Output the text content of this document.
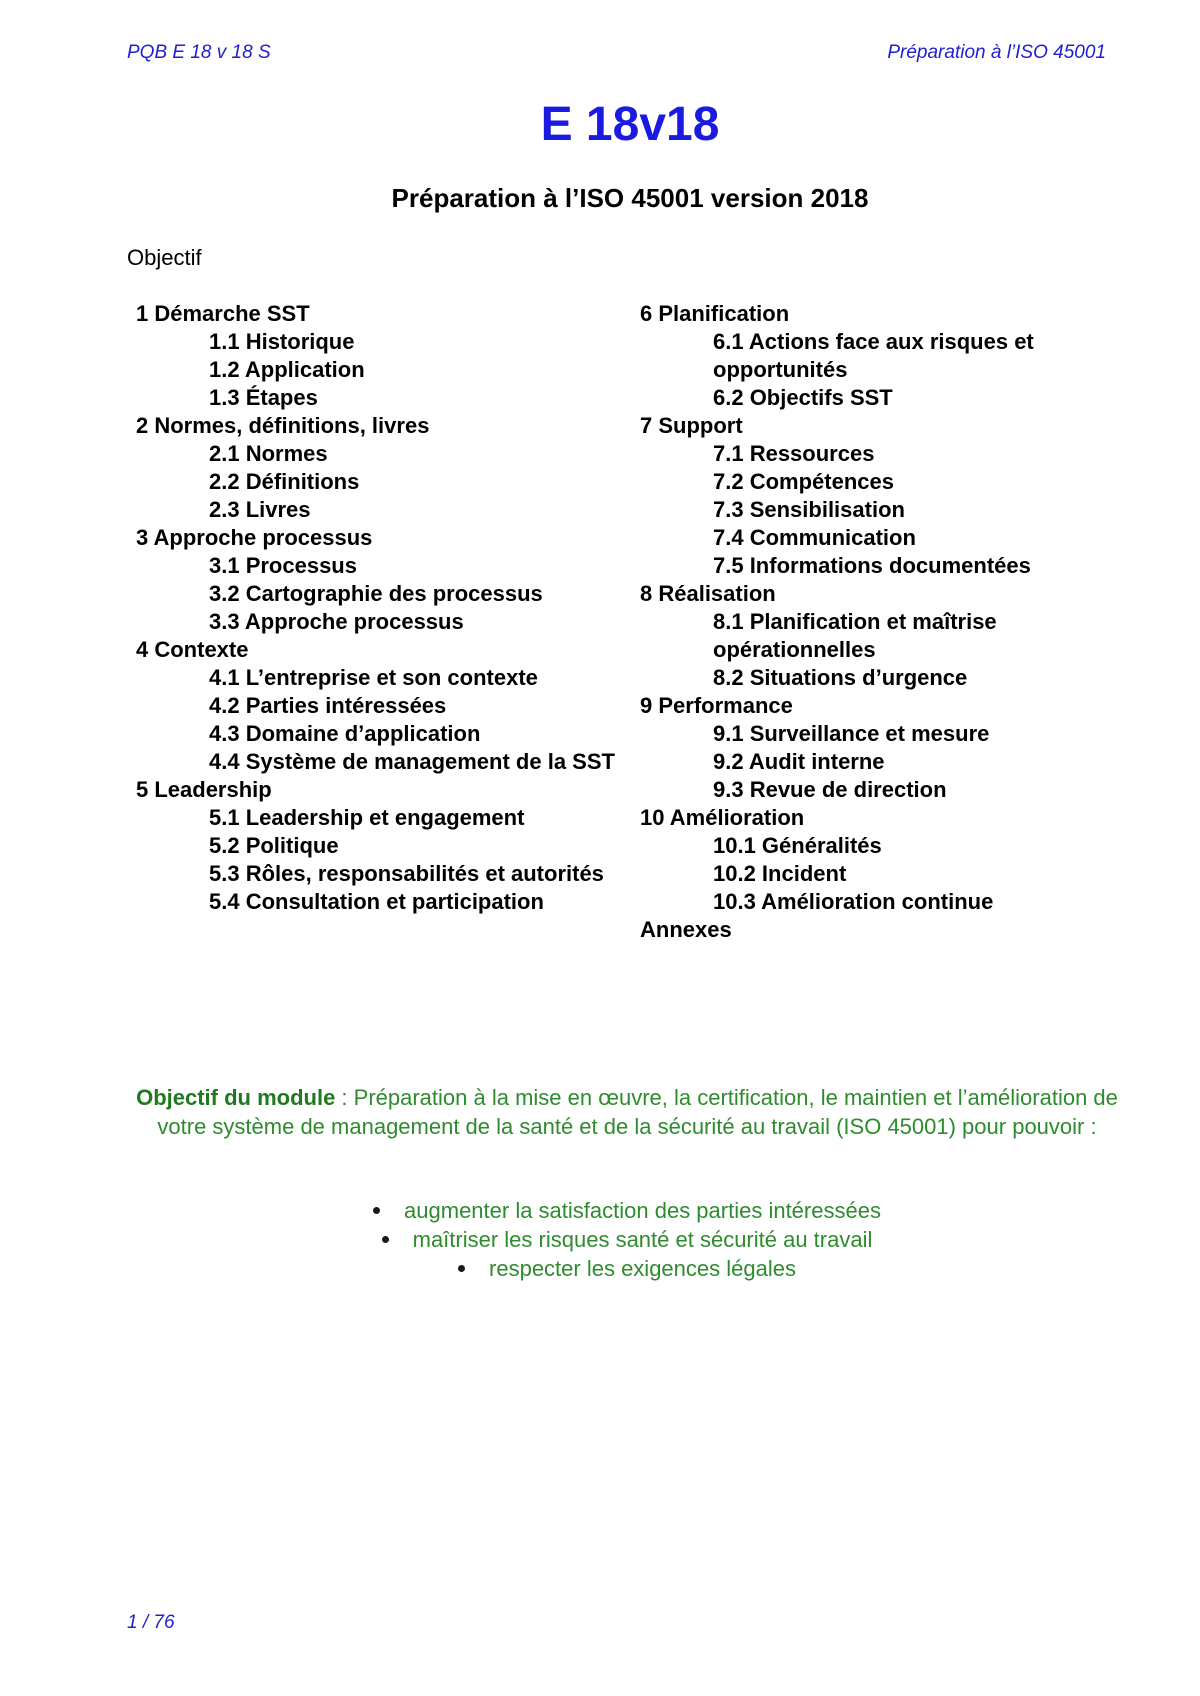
PQB E 18 v 18 S	Préparation à l’ISO 45001
E 18v18
Préparation à l’ISO 45001 version 2018
Objectif
1 Démarche SST
1.1 Historique
1.2 Application
1.3 Étapes
2 Normes, définitions, livres
2.1 Normes
2.2 Définitions
2.3 Livres
3 Approche processus
3.1 Processus
3.2 Cartographie des processus
3.3 Approche processus
4 Contexte
4.1 L’entreprise et son contexte
4.2 Parties intéressées
4.3 Domaine d’application
4.4 Système de management de la SST
5 Leadership
5.1 Leadership et engagement
5.2 Politique
5.3 Rôles, responsabilités et autorités
5.4 Consultation et participation
6 Planification
6.1 Actions face aux risques et opportunités
6.2 Objectifs SST
7 Support
7.1 Ressources
7.2 Compétences
7.3 Sensibilisation
7.4 Communication
7.5 Informations documentées
8 Réalisation
8.1 Planification et maîtrise opérationnelles
8.2 Situations d’urgence
9 Performance
9.1 Surveillance et mesure
9.2 Audit interne
9.3 Revue de direction
10 Amélioration
10.1 Généralités
10.2 Incident
10.3 Amélioration continue
Annexes
Objectif du module : Préparation à la mise en œuvre, la certification, le maintien et l’amélioration de votre système de management de la santé et de la sécurité au travail (ISO 45001) pour pouvoir :
augmenter la satisfaction des parties intéressées
maîtriser les risques santé et sécurité au travail
respecter les exigences légales
1 / 76
